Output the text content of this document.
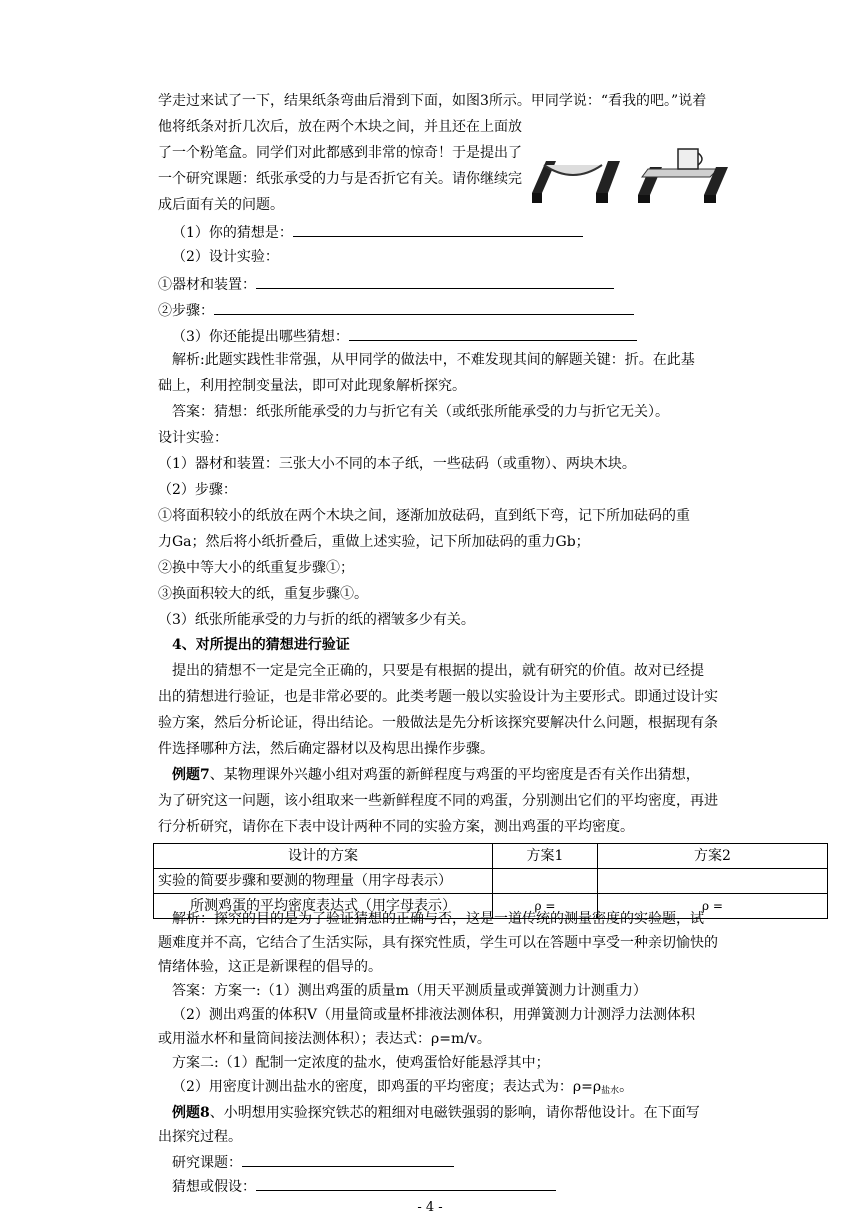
学走过来试了一下，结果纸条弯曲后滑到下面，如图3所示。甲同学说：“看我的吧。”说着
他将纸条对折几次后，放在两个木块之间，并且还在上面放
了一个粉笔盒。同学们对此都感到非常的惊奇！于是提出了
一个研究课题：纸张承受的力与是否折它有关。请你继续完
成后面有关的问题。
（1）你的猜想是：
（2）设计实验：
①器材和装置：
②步骤：
（3）你还能提出哪些猜想：
解析:此题实践性非常强，从甲同学的做法中，不难发现其间的解题关键：折。在此基
础上，利用控制变量法，即可对此现象解析探究。
答案：猜想：纸张所能承受的力与折它有关（或纸张所能承受的力与折它无关）。
设计实验：
（1）器材和装置：三张大小不同的本子纸，一些砝码（或重物）、两块木块。
（2）步骤：
①将面积较小的纸放在两个木块之间，逐渐加放砝码，直到纸下弯，记下所加砝码的重
力Ga；然后将小纸折叠后，重做上述实验，记下所加砝码的重力Gb；
②换中等大小的纸重复步骤①；
③换面积较大的纸，重复步骤①。
（3）纸张所能承受的力与折的纸的褶皱多少有关。
4、对所提出的猜想进行验证
提出的猜想不一定是完全正确的，只要是有根据的提出，就有研究的价值。故对已经提
出的猜想进行验证，也是非常必要的。此类考题一般以实验设计为主要形式。即通过设计实
验方案，然后分析论证，得出结论。一般做法是先分析该探究要解决什么问题，根据现有条
件选择哪种方法，然后确定器材以及构思出操作步骤。
例题7、某物理课外兴趣小组对鸡蛋的新鲜程度与鸡蛋的平均密度是否有关作出猜想，
为了研究这一问题，该小组取来一些新鲜程度不同的鸡蛋，分别测出它们的平均密度，再进
行分析研究，请你在下表中设计两种不同的实验方案，测出鸡蛋的平均密度。
设计的方案	方案1	方案2
实验的简要步骤和要测的物理量（用字母表示）		
所测鸡蛋的平均密度表达式（用字母表示）	ρ =	ρ =
解析：探究的目的是为了验证猜想的正确与否，这是一道传统的测量密度的实验题，试
题难度并不高，它结合了生活实际，具有探究性质，学生可以在答题中享受一种亲切愉快的
情绪体验，这正是新课程的倡导的。
答案：方案一:（1）测出鸡蛋的质量m（用天平测质量或弹簧测力计测重力）
（2）测出鸡蛋的体积V（用量筒或量杯排液法测体积，用弹簧测力计测浮力法测体积
或用溢水杯和量筒间接法测体积）；表达式：ρ=m/v。
方案二:（1）配制一定浓度的盐水，使鸡蛋恰好能悬浮其中；
（2）用密度计测出盐水的密度，即鸡蛋的平均密度；表达式为：$\rho=\rho_{盐水}$。
例题8、小明想用实验探究铁芯的粗细对电磁铁强弱的影响，请你帮他设计。在下面写
出探究过程。
研究课题：
- 4 -
猜想或假设：
